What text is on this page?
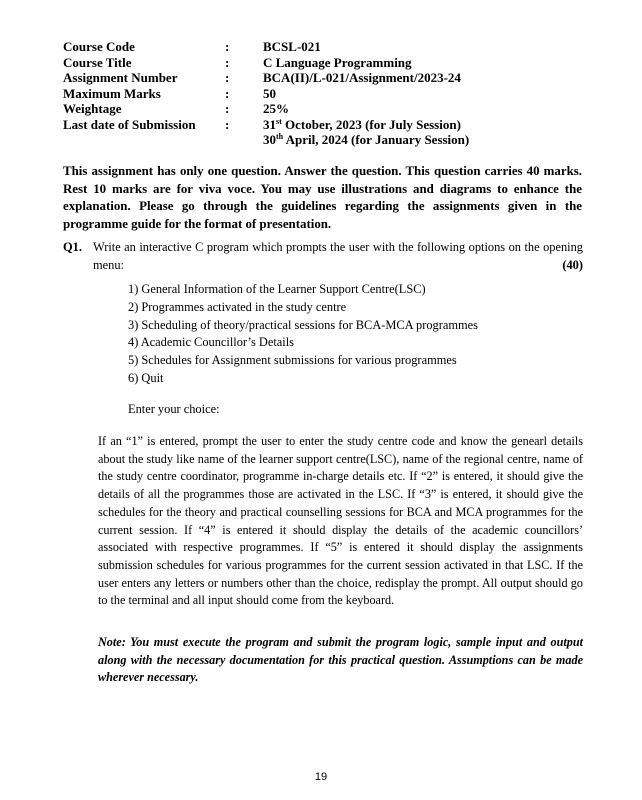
Course Code	:	BCSL-021
Course Title	:	C Language Programming
Assignment Number	:	BCA(II)/L-021/Assignment/2023-24
Maximum Marks	:	50
Weightage	:	25%
Last date of Submission	:	31st October, 2023 (for July Session)
30th April, 2024 (for January Session)

This assignment has only one question. Answer the question. This question carries 40 marks. Rest 10 marks are for viva voce. You may use illustrations and diagrams to enhance the explanation. Please go through the guidelines regarding the assignments given in the programme guide for the format of presentation.

Q1. Write an interactive C program which prompts the user with the following options on the opening menu:	(40)
1) General Information of the Learner Support Centre(LSC)
2) Programmes activated in the study centre
3) Scheduling of theory/practical sessions for BCA-MCA programmes
4) Academic Councillor’s Details
5) Schedules for Assignment submissions for various programmes
6) Quit
Enter your choice:

If an “1” is entered, prompt the user to enter the study centre code and know the genearl details about the study like name of the learner support centre(LSC), name of the regional centre, name of the study centre coordinator, programme in-charge details etc. If “2” is entered, it should give the details of all the programmes those are activated in the LSC. If “3” is entered, it should give the schedules for the theory and practical counselling sessions for BCA and MCA programmes for the current session. If “4” is entered it should display the details of the academic councillors’ associated with respective programmes. If “5” is entered it should display the assignments submission schedules for various programmes for the current session activated in that LSC. If the user enters any letters or numbers other than the choice, redisplay the prompt. All output should go to the terminal and all input should come from the keyboard.

Note: You must execute the program and submit the program logic, sample input and output along with the necessary documentation for this practical question. Assumptions can be made wherever necessary.

19
